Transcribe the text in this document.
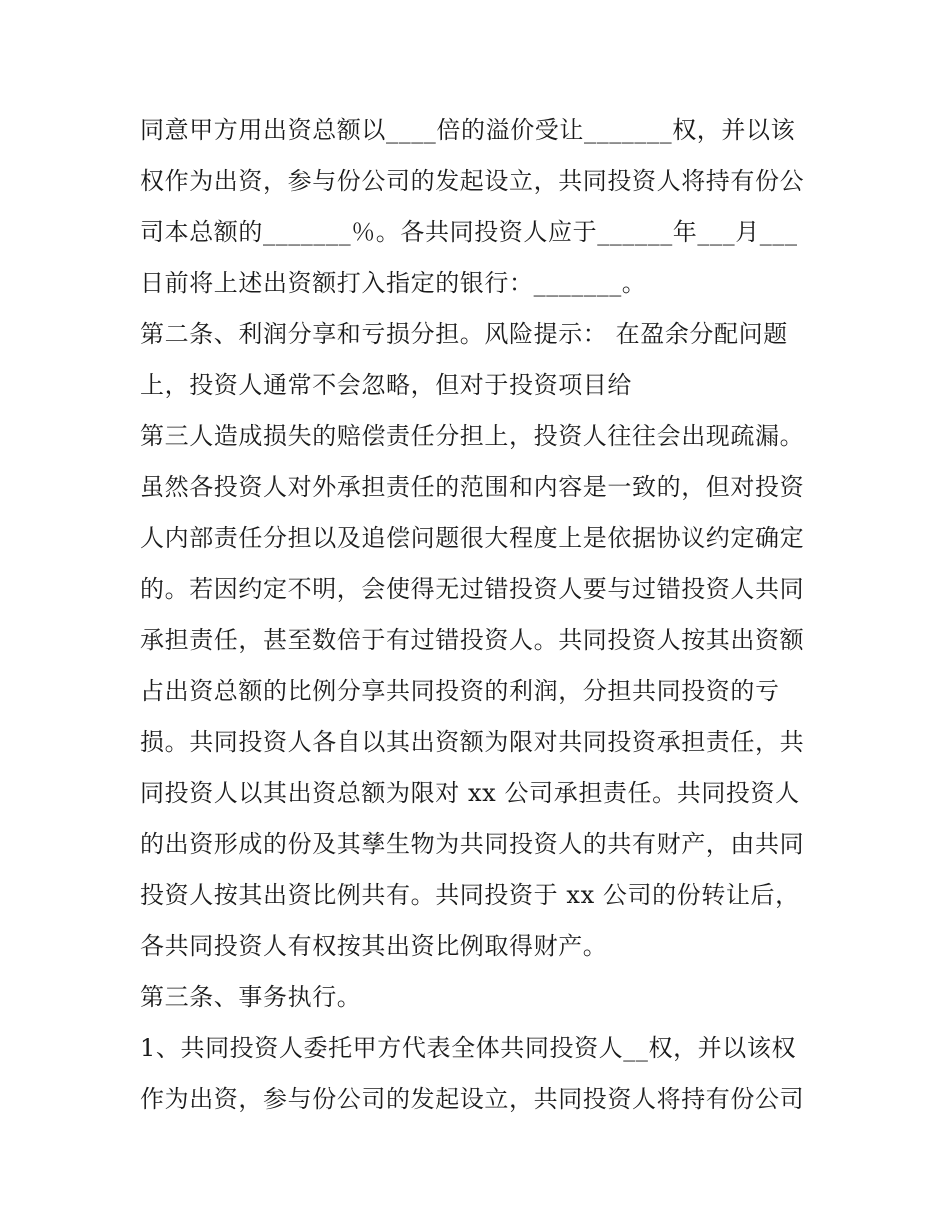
同意甲方用出资总额以____倍的溢价受让_______权，并以该
权作为出资，参与份公司的发起设立，共同投资人将持有份公
司本总额的_______％。各共同投资人应于______年___月___
日前将上述出资额打入指定的银行：_______。
第二条、利润分享和亏损分担。风险提示： 在盈余分配问题
上，投资人通常不会忽略，但对于投资项目给
第三人造成损失的赔偿责任分担上，投资人往往会出现疏漏。
虽然各投资人对外承担责任的范围和内容是一致的，但对投资
人内部责任分担以及追偿问题很大程度上是依据协议约定确定
的。若因约定不明，会使得无过错投资人要与过错投资人共同
承担责任，甚至数倍于有过错投资人。共同投资人按其出资额
占出资总额的比例分享共同投资的利润，分担共同投资的亏
损。共同投资人各自以其出资额为限对共同投资承担责任，共
同投资人以其出资总额为限对 xx 公司承担责任。共同投资人
的出资形成的份及其孳生物为共同投资人的共有财产，由共同
投资人按其出资比例共有。共同投资于 xx 公司的份转让后，
各共同投资人有权按其出资比例取得财产。
第三条、事务执行。
1、共同投资人委托甲方代表全体共同投资人__权，并以该权
作为出资，参与份公司的发起设立，共同投资人将持有份公司
